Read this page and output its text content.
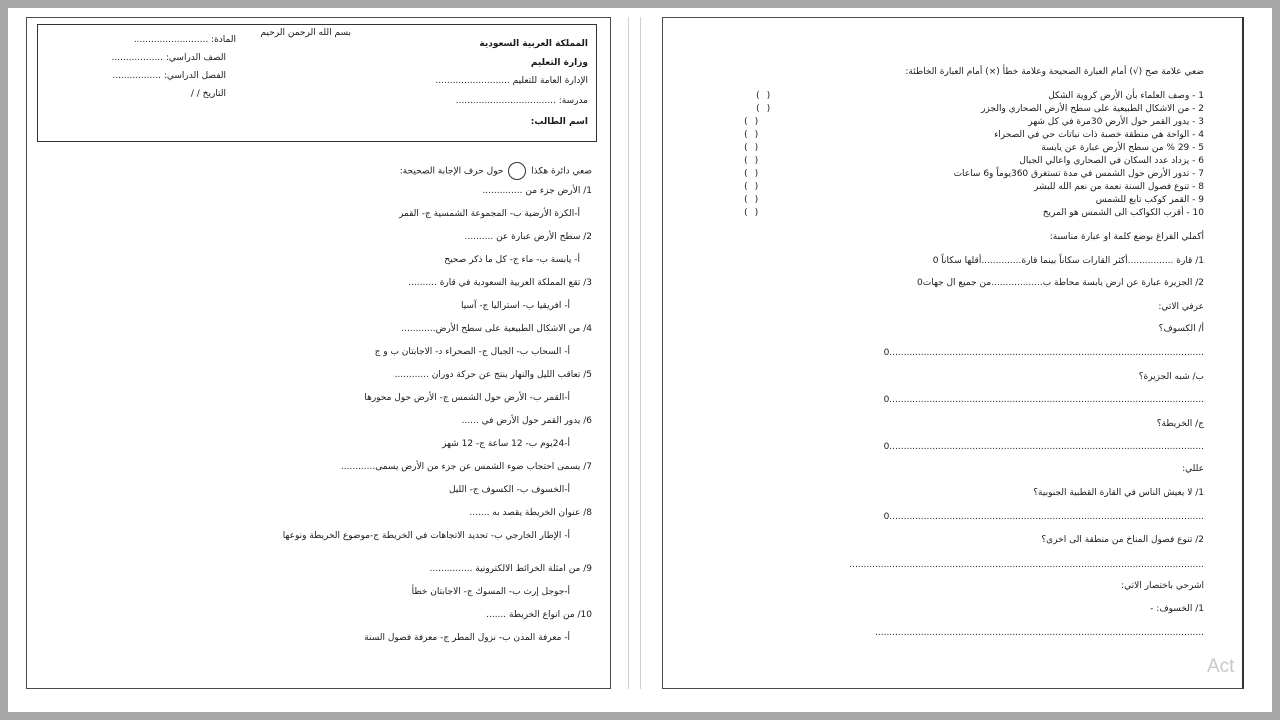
بسم الله الرحمن الرحيم
المملكة العربية السعودية
وزارة التعليم
الإدارة العامة للتعليم ..........................
مدرسة: ...................................
اسم الطالب:
المادة: ..........................
الصف الدراسي: ..................
الفصل الدراسي: .................
التاريخ / /
ضعي دائرة هكذا  حول حرف الإجابة الصحيحة:
1/ الأرض جزء من ..............
أ-الكرة الأرضية ب- المجموعة الشمسية ج- القمر
2/ سطح الأرض عبارة عن ..........
أ- يابسة ب- ماء ج- كل ما ذكر صحيح
3/ تقع المملكة العربية السعودية في قارة ..........
أ- افريقيا ب- استراليا ج- آسيا
4/ من الاشكال الطبيعية على سطح الأرض............
أ- السحاب ب- الجبال ج- الصحراء د- الاجابتان ب و ج
5/ تعاقب الليل والنهار ينتج عن حركة دوران ............
أ-القمر ب- الأرض حول الشمس ج- الأرض حول محورها
6/ يدور القمر حول الأرض في ......
أ-24يوم ب- 12 ساعة ج- 12 شهر
7/ يسمى احتجاب ضوء الشمس عن جزء من الأرض يسمى............
أ-الخسوف ب- الكسوف ج- الليل
8/ عنوان الخريطة يقصد به .......
أ- الإطار الخارجي ب- تحديد الاتجاهات في الخريطة ج-موضوع الخريطة ونوعها
9/ من امثلة الخرائط الالكترونية ...............
أ-جوجل إرث ب- المسوك ج- الاجابتان خطأ
10/ من انواع الخريطة .......
أ- معرفة المدن ب- نزول المطر ج- معرفة فصول السنة
ضعي علامة صح (√) أمام العبارة الصحيحة وعلامة خطأ (×) أمام العبارة الخاطئة:
1 - وصف العلماء بأن الأرض كروية الشكل
( )
2 - من الاشكال الطبيعية على سطح الأرض الصحاري والجزر
( )
3 - يدور القمر حول الأرض 30مرة في كل شهر
( )
4 - الواحة هي منطقة خصبة ذات نباتات حي في الصحراء
( )
5 - 29 % من سطح الأرض عبارة عن يابسة
( )
6 - يزداد عدد السكان في الصحاري واعالي الجبال
( )
7 - تدور الأرض حول الشمس في مدة تستغرق 360يوماً و6 ساعات
( )
8 - تنوع فصول السنة نعمة من نعم الله للبشر
( )
9 - القمر كوكب تابع للشمس
( )
10 - أقرب الكواكب الى الشمس هو المريخ
( )
أكملي الفراغ بوضع كلمة او عبارة مناسبة:
1/ قارة ................أكثر القارات سكاناً بينما قارة..............أقلها سكاناً 0
2/ الجزيرة عبارة عن ارض يابسة محاطة ب..................من جميع ال جهات0
عرفي الاتي:
أ/ الكسوف؟
..............................................................................................................0
ب/ شبه الجزيرة؟
..............................................................................................................0
ج/ الخريطة؟
..............................................................................................................0
عللي:
1/ لا يعيش الناس في القارة القطبية الجنوبية؟
..............................................................................................................0
2/ تنوع فصول المناخ من منطقة الى اخرى؟
............................................................................................................................
اشرحي باختصار الاتي:
1/ الخسوف: -
...................................................................................................................
Act
